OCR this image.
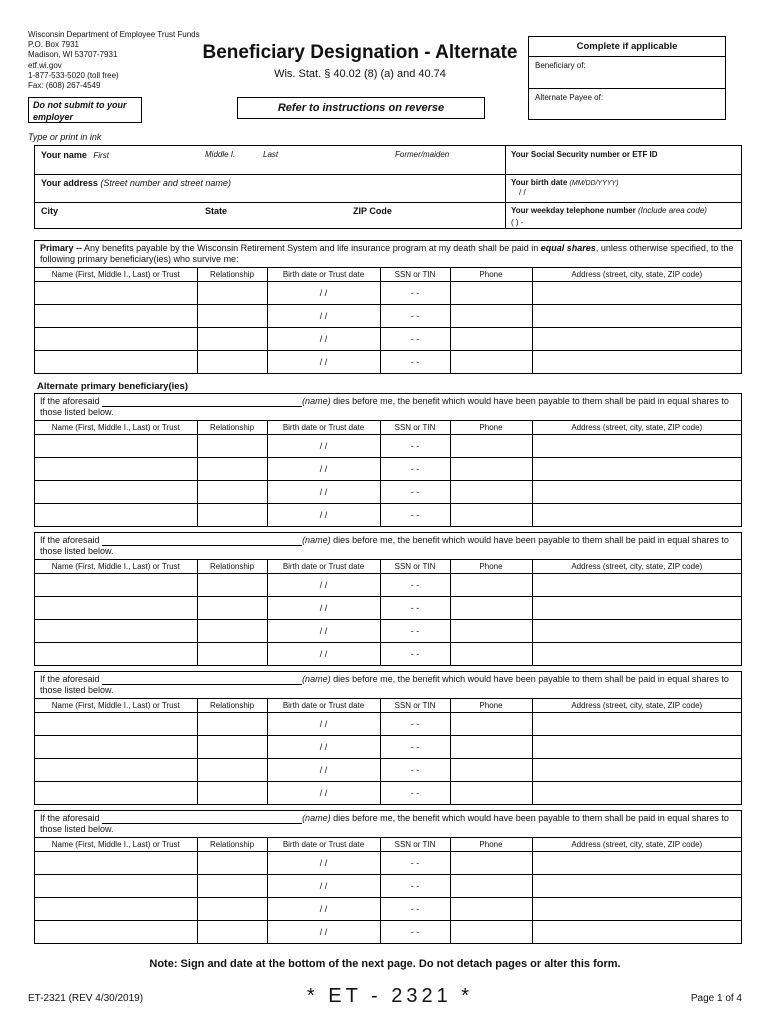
Wisconsin Department of Employee Trust Funds
P.O. Box 7931
Madison, WI 53707-7931
etf.wi.gov
1-877-533-5020 (toll free)
Fax: (608) 267-4549
Beneficiary Designation - Alternate
Wis. Stat. § 40.02 (8) (a) and 40.74
Complete if applicable
Beneficiary of:
Alternate Payee of:
Do not submit to your employer
Refer to instructions on reverse
Type or print in ink
Your name First	Middle I.	Last	Former/maiden	Your Social Security number or ETF ID
Your address (Street number and street name)	Your birth date (MM/DD/YYYY)
/ /
City	State	ZIP Code	Your weekday telephone number (Include area code)
( ) -
Primary -- Any benefits payable by the Wisconsin Retirement System and life insurance program at my death shall be paid in equal shares, unless otherwise specified, to the following primary beneficiary(ies) who survive me:
Name (First, Middle I., Last) or Trust	Relationship	Birth date or Trust date	SSN or TIN	Phone	Address (street, city, state, ZIP code)
		/ /	- -		
		/ /	- -		
		/ /	- -		
		/ /	- -		
Alternate primary beneficiary(ies)
If the aforesaid	(name) dies before me, the benefit which would have been payable to them shall be paid in equal shares to those listed below.
Name (First, Middle I., Last) or Trust	Relationship	Birth date or Trust date	SSN or TIN	Phone	Address (street, city, state, ZIP code)
		/ /	- -		
		/ /	- -		
		/ /	- -		
		/ /	- -		
If the aforesaid	(name) dies before me, the benefit which would have been payable to them shall be paid in equal shares to those listed below.
Name (First, Middle I., Last) or Trust	Relationship	Birth date or Trust date	SSN or TIN	Phone	Address (street, city, state, ZIP code)
		/ /	- -		
		/ /	- -		
		/ /	- -		
		/ /	- -		
If the aforesaid	(name) dies before me, the benefit which would have been payable to them shall be paid in equal shares to those listed below.
Name (First, Middle I., Last) or Trust	Relationship	Birth date or Trust date	SSN or TIN	Phone	Address (street, city, state, ZIP code)
		/ /	- -		
		/ /	- -		
		/ /	- -		
		/ /	- -		
If the aforesaid	(name) dies before me, the benefit which would have been payable to them shall be paid in equal shares to those listed below.
Name (First, Middle I., Last) or Trust	Relationship	Birth date or Trust date	SSN or TIN	Phone	Address (street, city, state, ZIP code)
		/ /	- -		
		/ /	- -		
		/ /	- -		
		/ /	- -		
Note: Sign and date at the bottom of the next page. Do not detach pages or alter this form.
ET-2321 (REV 4/30/2019)	* ET - 2321 *	Page 1 of 4
